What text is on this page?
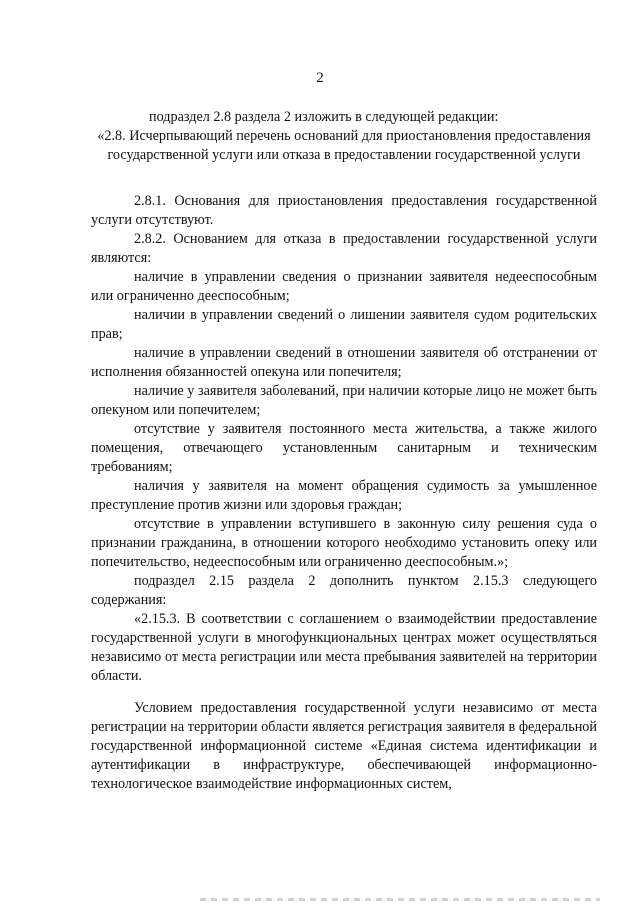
2

подраздел 2.8 раздела 2 изложить в следующей редакции:

«2.8. Исчерпывающий перечень оснований для приостановления предоставления государственной услуги или отказа в предоставлении государственной услуги

2.8.1. Основания для приостановления предоставления государственной услуги отсутствуют.

2.8.2. Основанием для отказа в предоставлении государственной услуги являются:

наличие в управлении сведения о признании заявителя недееспособным или ограниченно дееспособным;

наличии в управлении сведений о лишении заявителя судом родительских прав;

наличие в управлении сведений в отношении заявителя об отстранении от исполнения обязанностей опекуна или попечителя;

наличие у заявителя заболеваний, при наличии которые лицо не может быть опекуном или попечителем;

отсутствие у заявителя постоянного места жительства, а также жилого помещения, отвечающего установленным санитарным и техническим требованиям;

наличия у заявителя на момент обращения судимость за умышленное преступление против жизни или здоровья граждан;

отсутствие в управлении вступившего в законную силу решения суда о признании гражданина, в отношении которого необходимо установить опеку или попечительство, недееспособным или ограниченно дееспособным.»;

подраздел 2.15 раздела 2 дополнить пунктом 2.15.3 следующего содержания:

«2.15.3. В соответствии с соглашением о взаимодействии предоставление государственной услуги в многофункциональных центрах может осуществляться независимо от места регистрации или места пребывания заявителей на территории области.

Условием предоставления государственной услуги независимо от места регистрации на территории области является регистрация заявителя в федеральной государственной информационной системе «Единая система идентификации и аутентификации в инфраструктуре, обеспечивающей информационно-технологическое взаимодействие информационных систем,
